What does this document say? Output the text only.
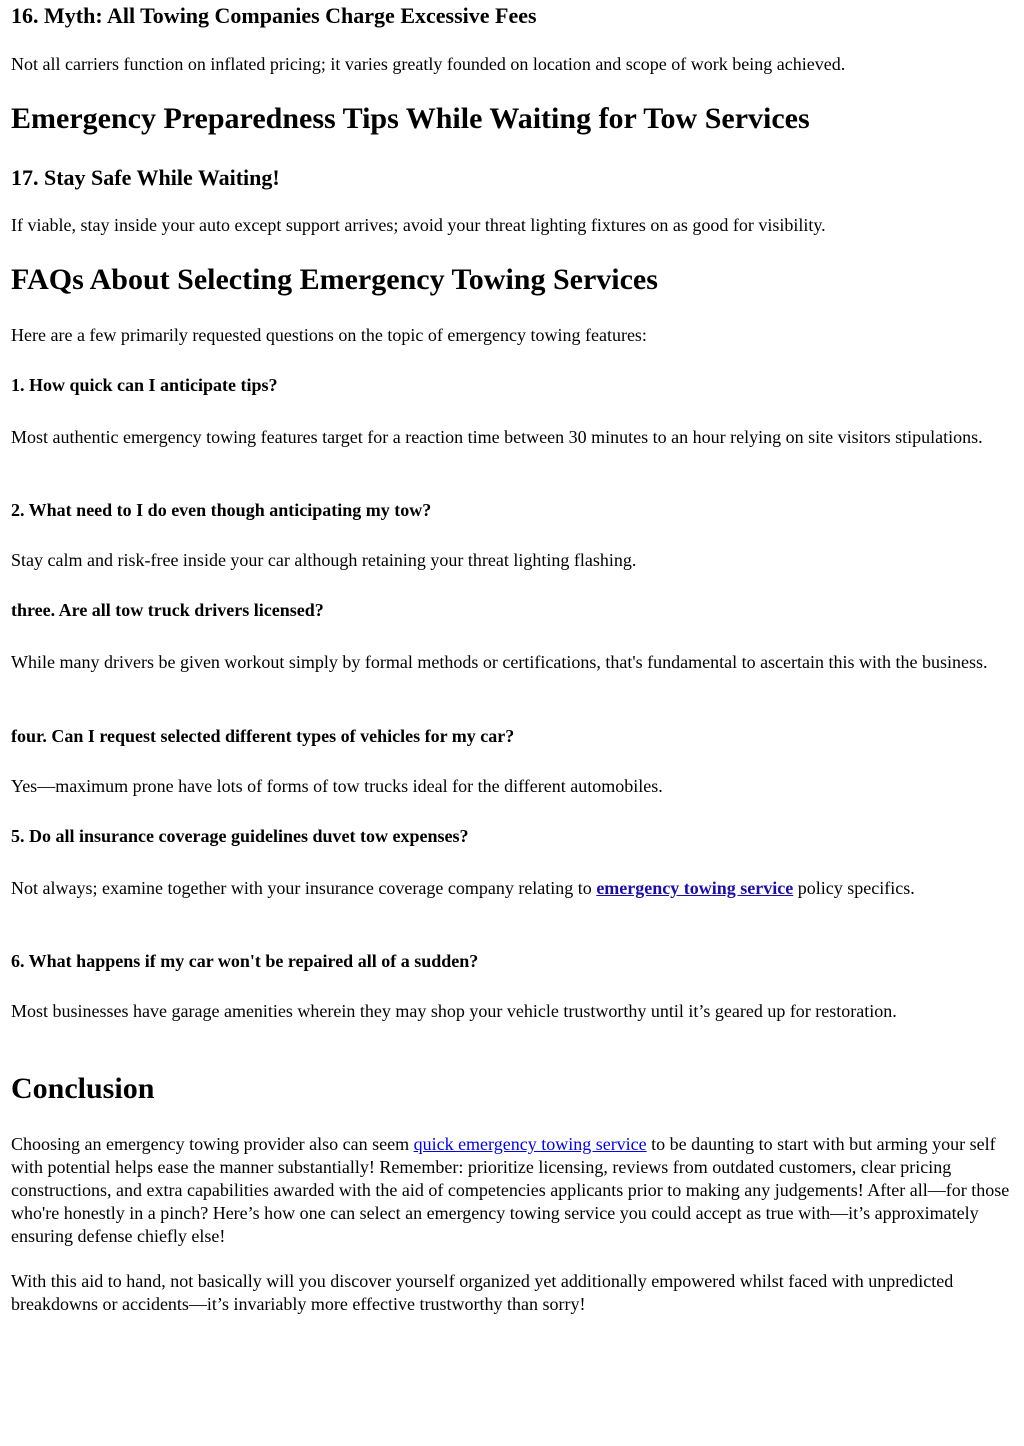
16. Myth: All Towing Companies Charge Excessive Fees

Not all carriers function on inflated pricing; it varies greatly founded on location and scope of work being achieved.

Emergency Preparedness Tips While Waiting for Tow Services
17. Stay Safe While Waiting!

If viable, stay inside your auto except support arrives; avoid your threat lighting fixtures on as good for visibility.

FAQs About Selecting Emergency Towing Services

Here are a few primarily requested questions on the topic of emergency towing features:

1. How quick can I anticipate tips?

Most authentic emergency towing features target for a reaction time between 30 minutes to an hour relying on site visitors stipulations.

2. What need to I do even though anticipating my tow?

Stay calm and risk-free inside your car although retaining your threat lighting flashing.

three. Are all tow truck drivers licensed?

While many drivers be given workout simply by formal methods or certifications, that's fundamental to ascertain this with the business.

four. Can I request selected different types of vehicles for my car?

Yes—maximum prone have lots of forms of tow trucks ideal for the different automobiles.

5. Do all insurance coverage guidelines duvet tow expenses?

Not always; examine together with your insurance coverage company relating to emergency towing service policy specifics.

6. What happens if my car won't be repaired all of a sudden?

Most businesses have garage amenities wherein they may shop your vehicle trustworthy until it’s geared up for restoration.

Conclusion

Choosing an emergency towing provider also can seem quick emergency towing service to be daunting to start with but arming your self with potential helps ease the manner substantially! Remember: prioritize licensing, reviews from outdated customers, clear pricing constructions, and extra capabilities awarded with the aid of competencies applicants prior to making any judgements! After all—for those who're honestly in a pinch? Here’s how one can select an emergency towing service you could accept as true with—it’s approximately ensuring defense chiefly else!

With this aid to hand, not basically will you discover yourself organized yet additionally empowered whilst faced with unpredicted breakdowns or accidents—it’s invariably more effective trustworthy than sorry!
